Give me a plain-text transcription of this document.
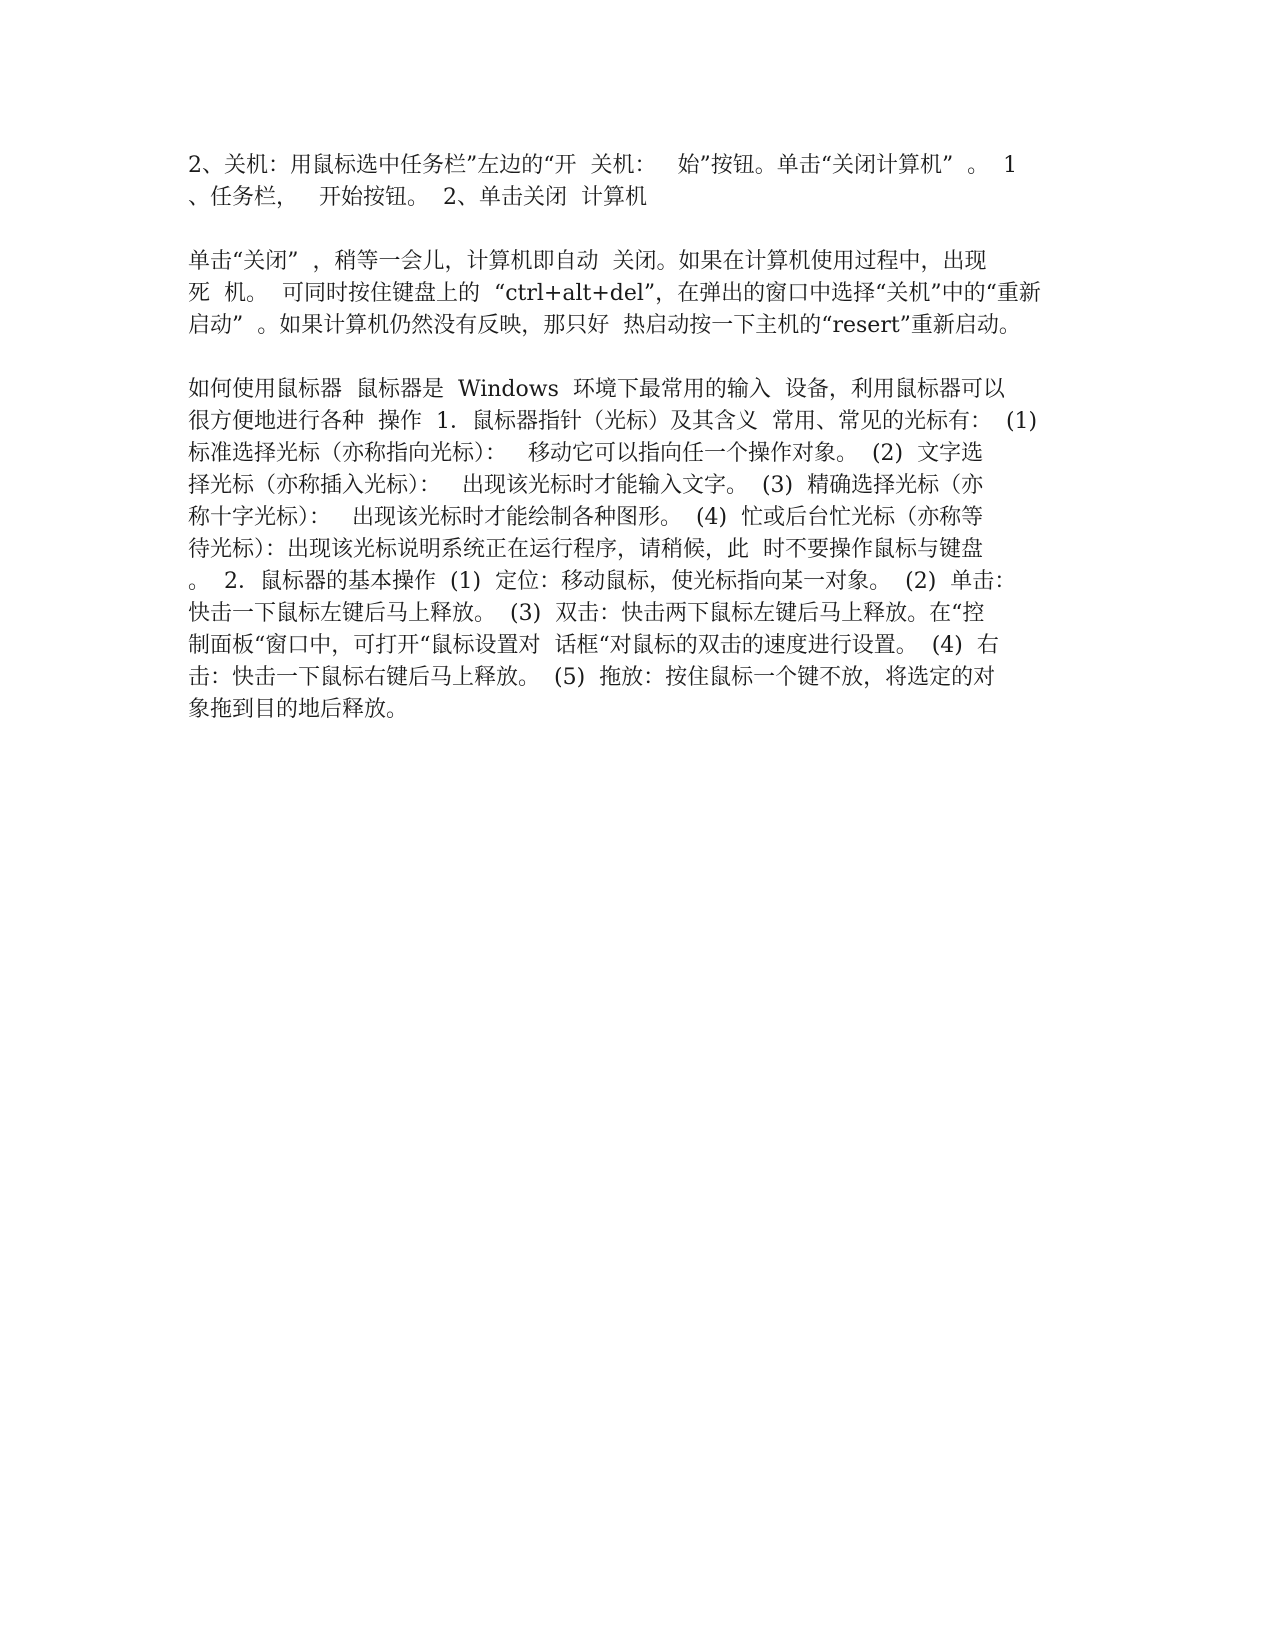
2、关机：用鼠标选中任务栏”左边的“开  关机：   始”按钮。单击“关闭计算机”  。  1
、任务栏，   开始按钮。  2、单击关闭  计算机

单击“关闭”  ，稍等一会儿，计算机即自动  关闭。如果在计算机使用过程中，出现
死  机。  可同时按住键盘上的  “ctrl+alt+del”，在弹出的窗口中选择“关机”中的“重新
启动”  。如果计算机仍然没有反映，那只好  热启动按一下主机的“resert”重新启动。

如何使用鼠标器  鼠标器是  Windows  环境下最常用的输入  设备，利用鼠标器可以
很方便地进行各种  操作  1．鼠标器指针（光标）及其含义  常用、常见的光标有：  (1)
标准选择光标（亦称指向光标）：   移动它可以指向任一个操作对象。  (2)  文字选
择光标（亦称插入光标）：   出现该光标时才能输入文字。  (3)  精确选择光标（亦
称十字光标）：   出现该光标时才能绘制各种图形。  (4)  忙或后台忙光标（亦称等
待光标）：出现该光标说明系统正在运行程序，请稍候，此  时不要操作鼠标与键盘
。  2．鼠标器的基本操作  (1)  定位：移动鼠标，使光标指向某一对象。  (2)  单击：
快击一下鼠标左键后马上释放。  (3)  双击：快击两下鼠标左键后马上释放。在“控
制面板“窗口中，可打开“鼠标设置对  话框“对鼠标的双击的速度进行设置。  (4)  右
击：快击一下鼠标右键后马上释放。  (5)  拖放：按住鼠标一个键不放，将选定的对
象拖到目的地后释放。
